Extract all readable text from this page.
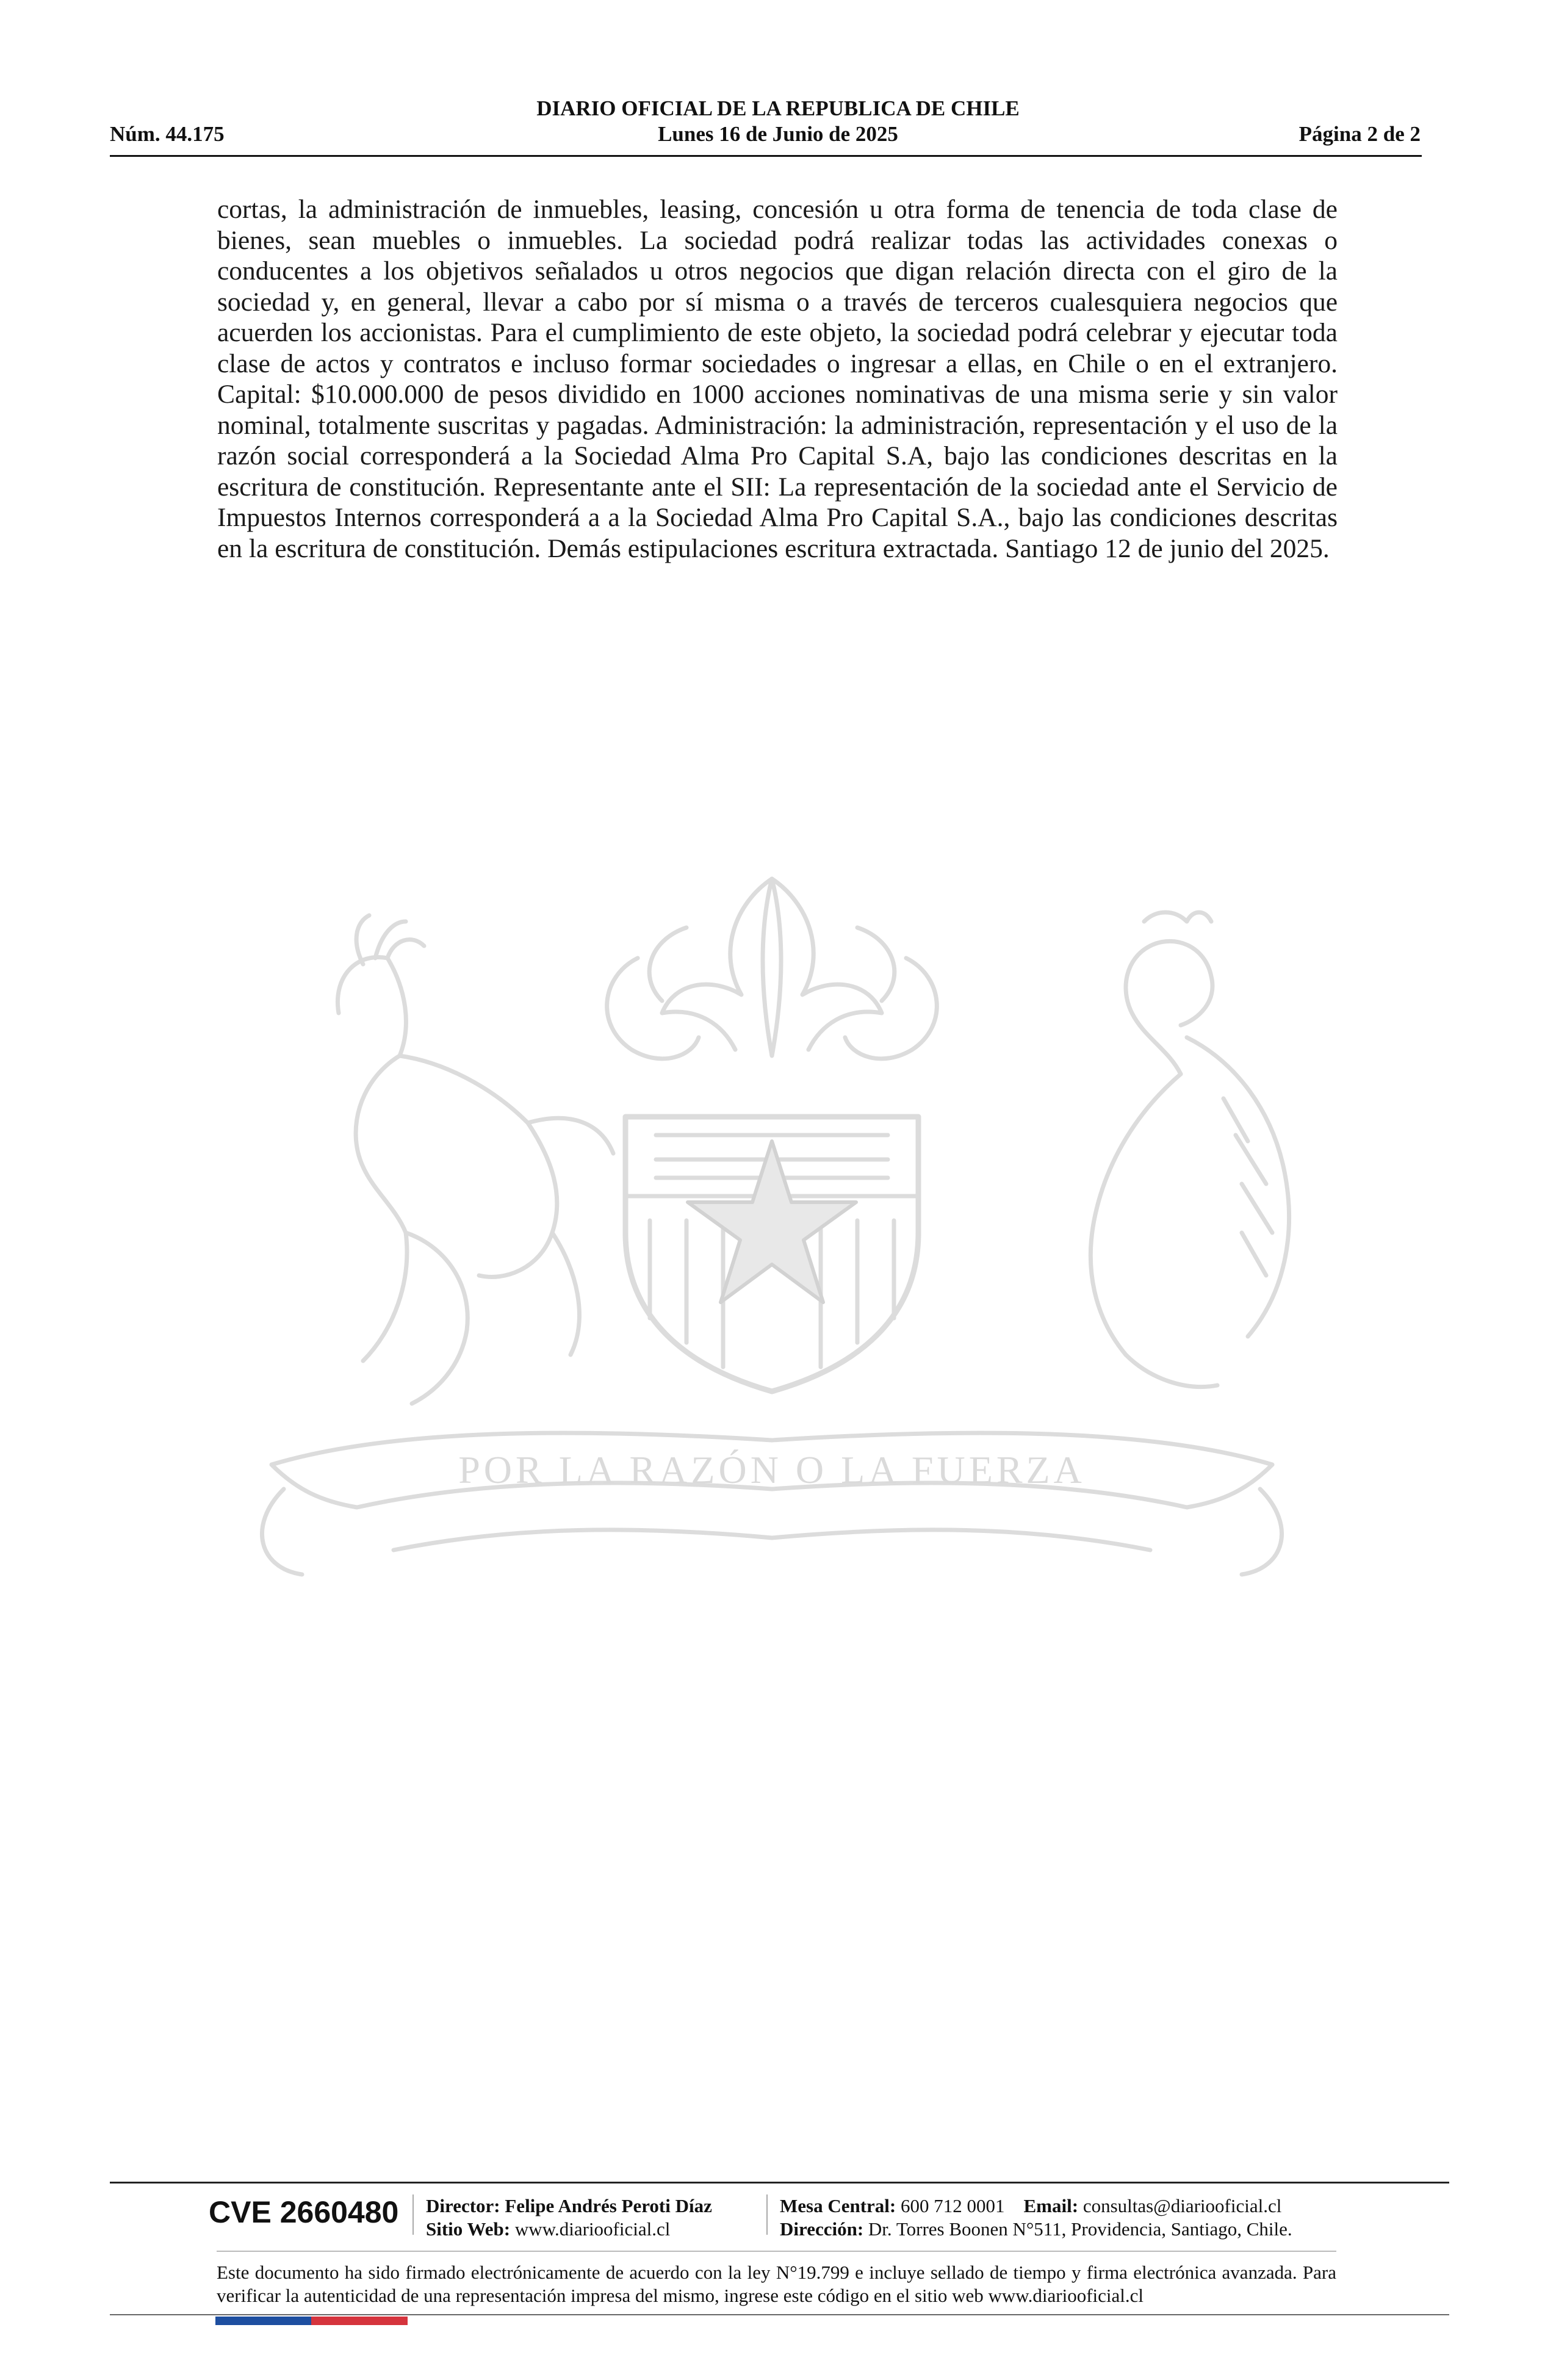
DIARIO OFICIAL DE LA REPUBLICA DE CHILE
Núm. 44.175	Lunes 16 de Junio de 2025	Página 2 de 2
cortas, la administración de inmuebles, leasing, concesión u otra forma de tenencia de toda clase de bienes, sean muebles o inmuebles. La sociedad podrá realizar todas las actividades conexas o conducentes a los objetivos señalados u otros negocios que digan relación directa con el giro de la sociedad y, en general, llevar a cabo por sí misma o a través de terceros cualesquiera negocios que acuerden los accionistas. Para el cumplimiento de este objeto, la sociedad podrá celebrar y ejecutar toda clase de actos y contratos e incluso formar sociedades o ingresar a ellas, en Chile o en el extranjero. Capital: $10.000.000 de pesos dividido en 1000 acciones nominativas de una misma serie y sin valor nominal, totalmente suscritas y pagadas. Administración: la administración, representación y el uso de la razón social corresponderá a la Sociedad Alma Pro Capital S.A, bajo las condiciones descritas en la escritura de constitución. Representante ante el SII: La representación de la sociedad ante el Servicio de Impuestos Internos corresponderá a a la Sociedad Alma Pro Capital S.A., bajo las condiciones descritas en la escritura de constitución. Demás estipulaciones escritura extractada. Santiago 12 de junio del 2025.
POR LA RAZÓN O LA FUERZA
CVE 2660480 Director: Felipe Andrés Peroti Díaz
Sitio Web: www.diariooficial.cl
Mesa Central: 600 712 0001 Email: consultas@diariooficial.cl
Dirección: Dr. Torres Boonen N°511, Providencia, Santiago, Chile.
Este documento ha sido firmado electrónicamente de acuerdo con la ley N°19.799 e incluye sellado de tiempo y firma electrónica avanzada. Para verificar la autenticidad de una representación impresa del mismo, ingrese este código en el sitio web www.diariooficial.cl
